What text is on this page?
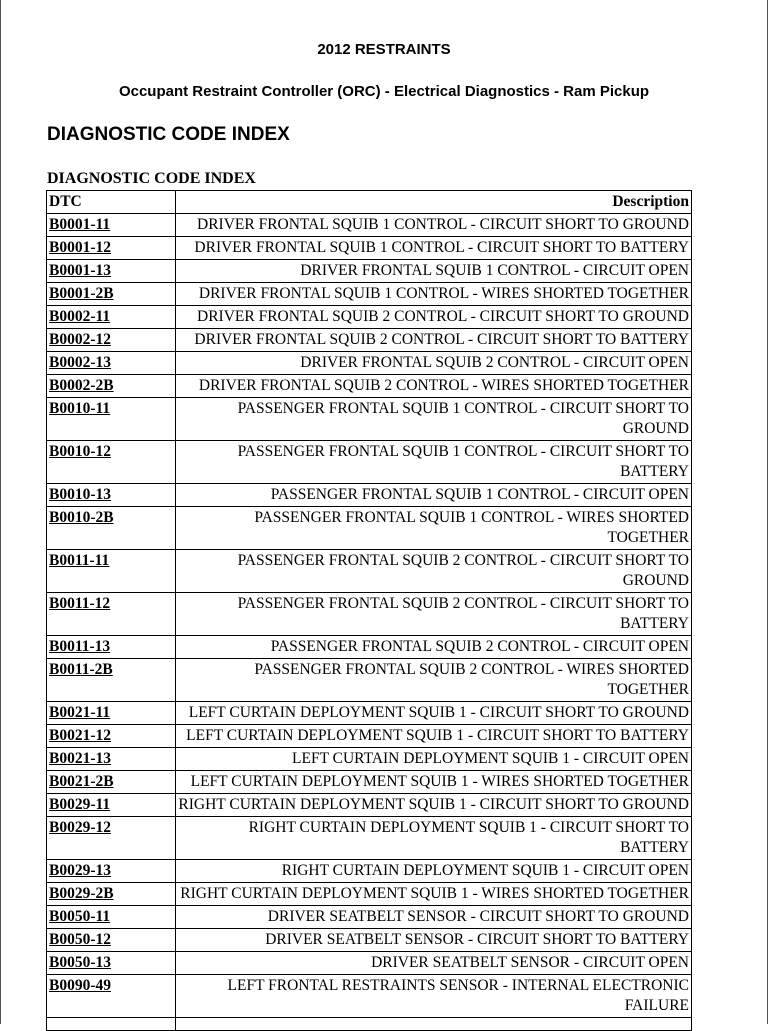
2012 RESTRAINTS
Occupant Restraint Controller (ORC) - Electrical Diagnostics - Ram Pickup
DIAGNOSTIC CODE INDEX
DIAGNOSTIC CODE INDEX
DTC	Description
B0001-11	DRIVER FRONTAL SQUIB 1 CONTROL - CIRCUIT SHORT TO GROUND
B0001-12	DRIVER FRONTAL SQUIB 1 CONTROL - CIRCUIT SHORT TO BATTERY
B0001-13	DRIVER FRONTAL SQUIB 1 CONTROL - CIRCUIT OPEN
B0001-2B	DRIVER FRONTAL SQUIB 1 CONTROL - WIRES SHORTED TOGETHER
B0002-11	DRIVER FRONTAL SQUIB 2 CONTROL - CIRCUIT SHORT TO GROUND
B0002-12	DRIVER FRONTAL SQUIB 2 CONTROL - CIRCUIT SHORT TO BATTERY
B0002-13	DRIVER FRONTAL SQUIB 2 CONTROL - CIRCUIT OPEN
B0002-2B	DRIVER FRONTAL SQUIB 2 CONTROL - WIRES SHORTED TOGETHER
B0010-11	PASSENGER FRONTAL SQUIB 1 CONTROL - CIRCUIT SHORT TO GROUND
B0010-12	PASSENGER FRONTAL SQUIB 1 CONTROL - CIRCUIT SHORT TO BATTERY
B0010-13	PASSENGER FRONTAL SQUIB 1 CONTROL - CIRCUIT OPEN
B0010-2B	PASSENGER FRONTAL SQUIB 1 CONTROL - WIRES SHORTED TOGETHER
B0011-11	PASSENGER FRONTAL SQUIB 2 CONTROL - CIRCUIT SHORT TO GROUND
B0011-12	PASSENGER FRONTAL SQUIB 2 CONTROL - CIRCUIT SHORT TO BATTERY
B0011-13	PASSENGER FRONTAL SQUIB 2 CONTROL - CIRCUIT OPEN
B0011-2B	PASSENGER FRONTAL SQUIB 2 CONTROL - WIRES SHORTED TOGETHER
B0021-11	LEFT CURTAIN DEPLOYMENT SQUIB 1 - CIRCUIT SHORT TO GROUND
B0021-12	LEFT CURTAIN DEPLOYMENT SQUIB 1 - CIRCUIT SHORT TO BATTERY
B0021-13	LEFT CURTAIN DEPLOYMENT SQUIB 1 - CIRCUIT OPEN
B0021-2B	LEFT CURTAIN DEPLOYMENT SQUIB 1 - WIRES SHORTED TOGETHER
B0029-11	RIGHT CURTAIN DEPLOYMENT SQUIB 1 - CIRCUIT SHORT TO GROUND
B0029-12	RIGHT CURTAIN DEPLOYMENT SQUIB 1 - CIRCUIT SHORT TO BATTERY
B0029-13	RIGHT CURTAIN DEPLOYMENT SQUIB 1 - CIRCUIT OPEN
B0029-2B	RIGHT CURTAIN DEPLOYMENT SQUIB 1 - WIRES SHORTED TOGETHER
B0050-11	DRIVER SEATBELT SENSOR - CIRCUIT SHORT TO GROUND
B0050-12	DRIVER SEATBELT SENSOR - CIRCUIT SHORT TO BATTERY
B0050-13	DRIVER SEATBELT SENSOR - CIRCUIT OPEN
B0090-49	LEFT FRONTAL RESTRAINTS SENSOR - INTERNAL ELECTRONIC FAILURE
